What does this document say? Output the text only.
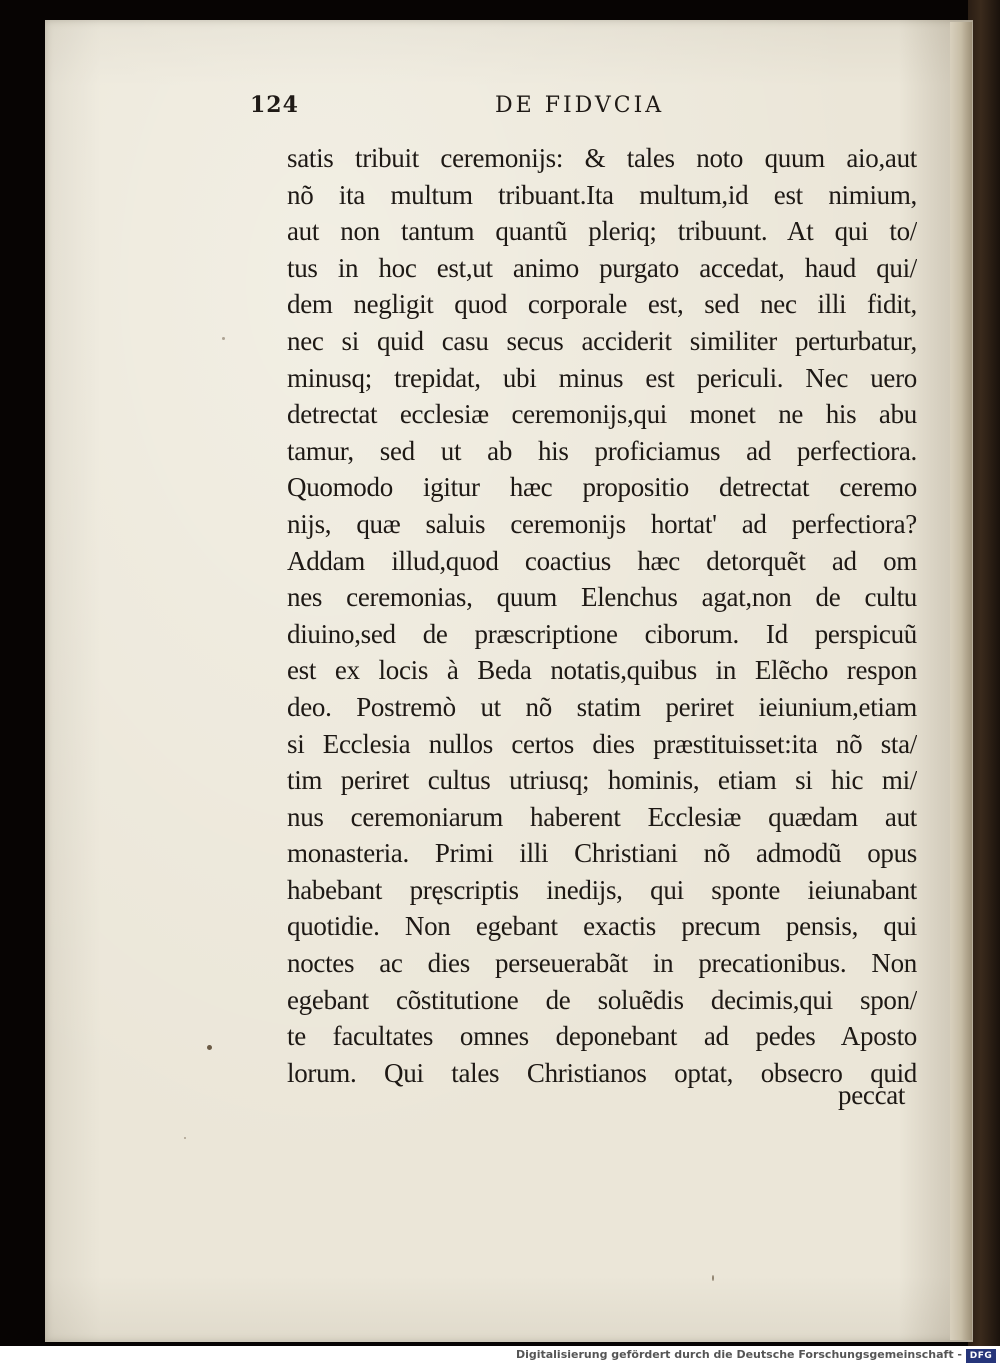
124	DE FIDVCIA
satis tribuit ceremonijs: & tales noto quum aio,aut
nõ ita multum tribuant.Ita multum,id est nimium,
aut non tantum quantũ pleriq; tribuunt. At qui to/
tus in hoc est,ut animo purgato accedat, haud qui/
dem negligit quod corporale est, sed nec illi fidit,
nec si quid casu secus acciderit similiter perturbatur,
minusq; trepidat, ubi minus est periculi. Nec uero
detrectat ecclesiæ ceremonijs,qui monet ne his abu
tamur, sed ut ab his proficiamus ad perfectiora.
Quomodo igitur hæc propositio detrectat ceremo
nijs, quæ saluis ceremonijs hortat' ad perfectiora?
Addam illud,quod coactius hæc detorquẽt ad om
nes ceremonias, quum Elenchus agat,non de cultu
diuino,sed de præscriptione ciborum. Id perspicuũ
est ex locis à Beda notatis,quibus in Elẽcho respon
deo. Postremò ut nõ statim periret ieiunium,etiam
si Ecclesia nullos certos dies præstituisset:ita nõ sta/
tim periret cultus utriusq; hominis, etiam si hic mi/
nus ceremoniarum haberent Ecclesiæ quædam aut
monasteria. Primi illi Christiani nõ admodũ opus
habebant pręscriptis inedijs, qui sponte ieiunabant
quotidie. Non egebant exactis precum pensis, qui
noctes ac dies perseuerabãt in precationibus. Non
egebant cõstitutione de soluẽdis decimis,qui spon/
te facultates omnes deponebant ad pedes Aposto
lorum. Qui tales Christianos optat, obsecro quid
peccat
Digitalisierung gefördert durch die Deutsche Forschungsgemeinschaft - DFG
